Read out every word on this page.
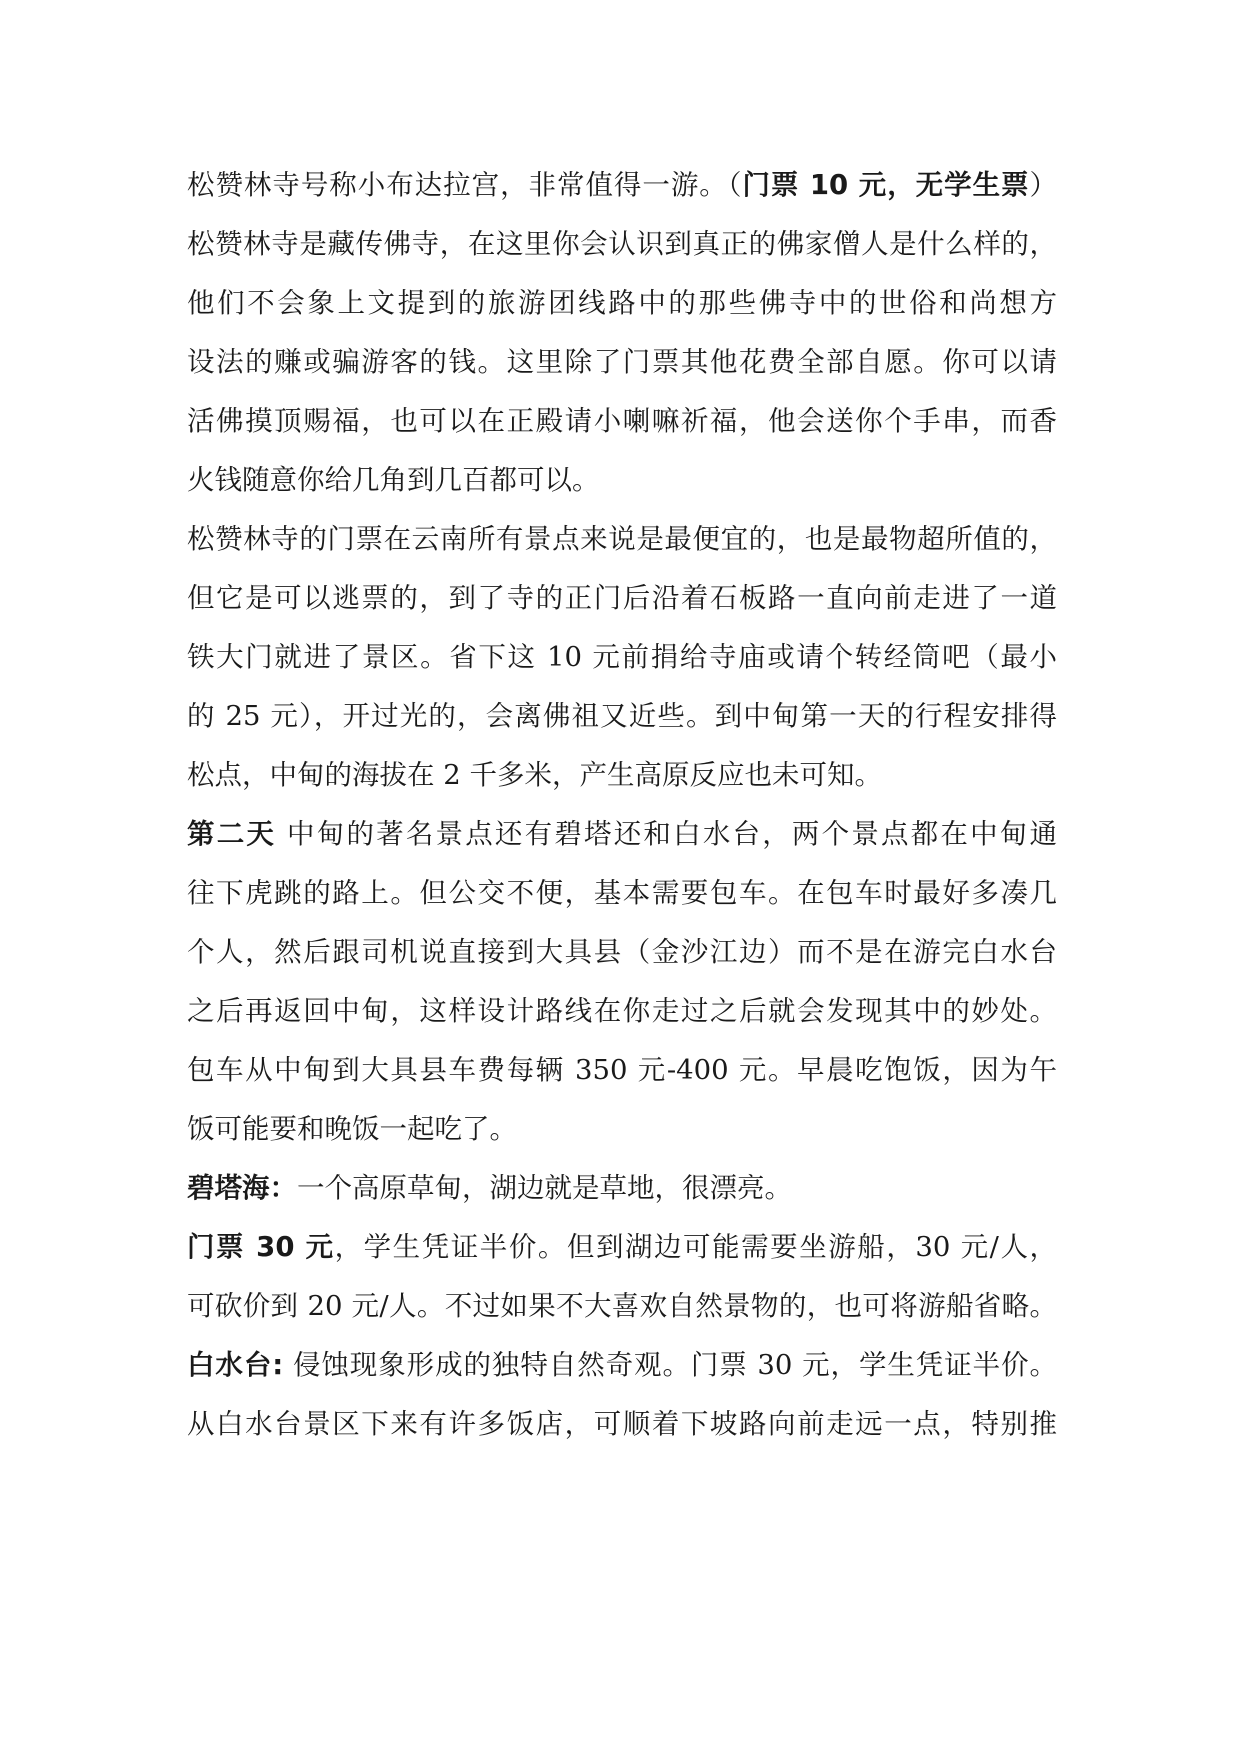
松赞林寺号称小布达拉宫，非常值得一游。（门票 10 元，无学生票）
松赞林寺是藏传佛寺，在这里你会认识到真正的佛家僧人是什么样的，
他们不会象上文提到的旅游团线路中的那些佛寺中的世俗和尚想方
设法的赚或骗游客的钱。这里除了门票其他花费全部自愿。你可以请
活佛摸顶赐福，也可以在正殿请小喇嘛祈福，他会送你个手串，而香
火钱随意你给几角到几百都可以。
松赞林寺的门票在云南所有景点来说是最便宜的，也是最物超所值的，
但它是可以逃票的，到了寺的正门后沿着石板路一直向前走进了一道
铁大门就进了景区。省下这 10 元前捐给寺庙或请个转经筒吧（最小
的 25 元），开过光的，会离佛祖又近些。到中甸第一天的行程安排得
松点，中甸的海拔在 2 千多米，产生高原反应也未可知。
第二天 中甸的著名景点还有碧塔还和白水台，两个景点都在中甸通
往下虎跳的路上。但公交不便，基本需要包车。在包车时最好多凑几
个人，然后跟司机说直接到大具县（金沙江边）而不是在游完白水台
之后再返回中甸，这样设计路线在你走过之后就会发现其中的妙处。
包车从中甸到大具县车费每辆 350 元-400 元。早晨吃饱饭，因为午
饭可能要和晚饭一起吃了。
碧塔海：一个高原草甸，湖边就是草地，很漂亮。
门票 30 元，学生凭证半价。但到湖边可能需要坐游船，30 元/人，
可砍价到 20 元/人。不过如果不大喜欢自然景物的，也可将游船省略。
白水台: 侵蚀现象形成的独特自然奇观。门票 30 元，学生凭证半价。
从白水台景区下来有许多饭店，可顺着下坡路向前走远一点，特别推
